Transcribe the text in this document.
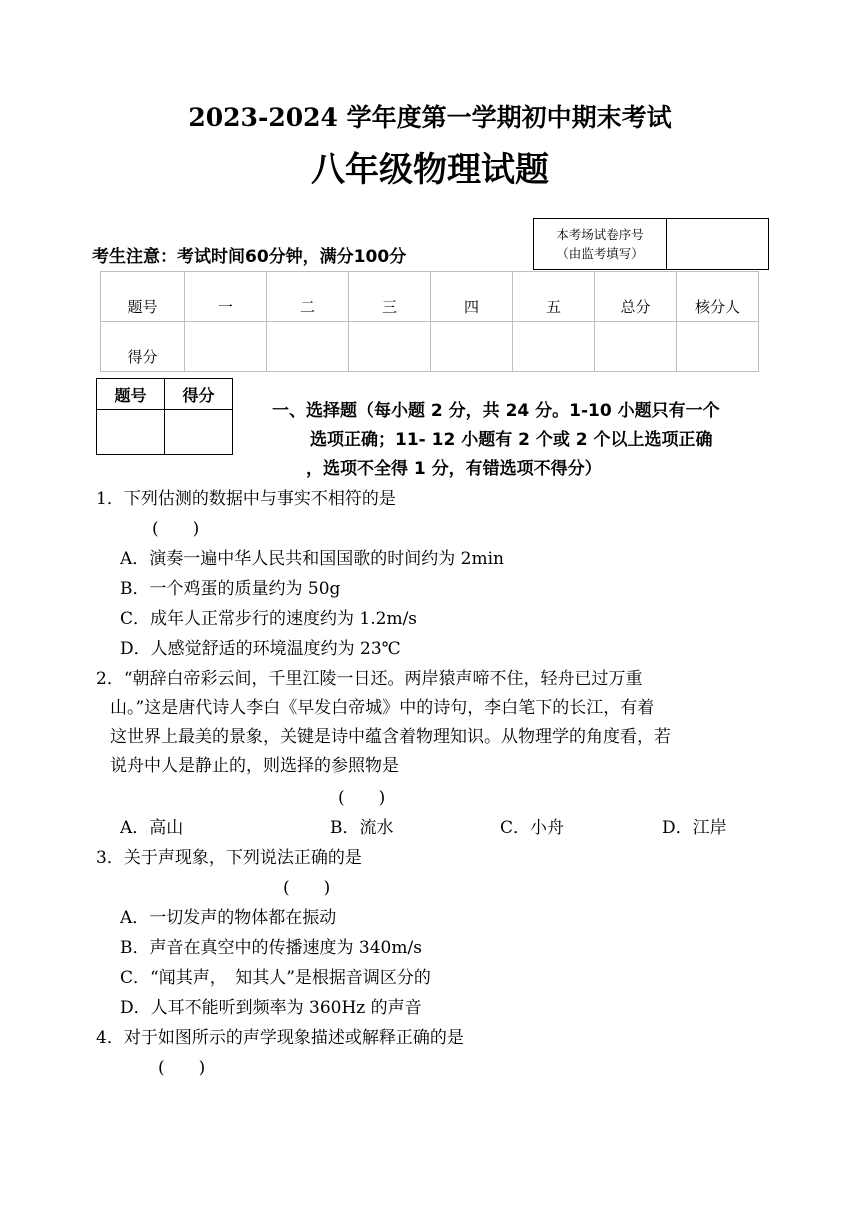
2023-2024 学年度第一学期初中期末考试
八年级物理试题
考生注意：考试时间60分钟，满分100分
本考场试卷序号
（由监考填写）
题号	一	二	三	四	五	总分	核分人
得分							
题号	得分

一、选择题（每小题 2 分，共 24 分。1-10 小题只有一个
选项正确；11- 12 小题有 2 个或 2 个以上选项正确
，选项不全得 1 分，有错选项不得分）
1．下列估测的数据中与事实不相符的是
(　　)
A．演奏一遍中华人民共和国国歌的时间约为 2min
B．一个鸡蛋的质量约为 50g
C．成年人正常步行的速度约为 1.2m/s
D．人感觉舒适的环境温度约为 23℃
2．“朝辞白帝彩云间，千里江陵一日还。两岸猿声啼不住，轻舟已过万重
山。”这是唐代诗人李白《早发白帝城》中的诗句，李白笔下的长江，有着
这世界上最美的景象，关键是诗中蕴含着物理知识。从物理学的角度看，若
说舟中人是静止的，则选择的参照物是
(　　)
A．高山	B．流水	C．小舟	D．江岸
3．关于声现象，下列说法正确的是
(　　)
A．一切发声的物体都在振动
B．声音在真空中的传播速度为 340m/s
C．“闻其声，　知其人”是根据音调区分的
D．人耳不能听到频率为 360Hz 的声音
4．对于如图所示的声学现象描述或解释正确的是
(　　)
